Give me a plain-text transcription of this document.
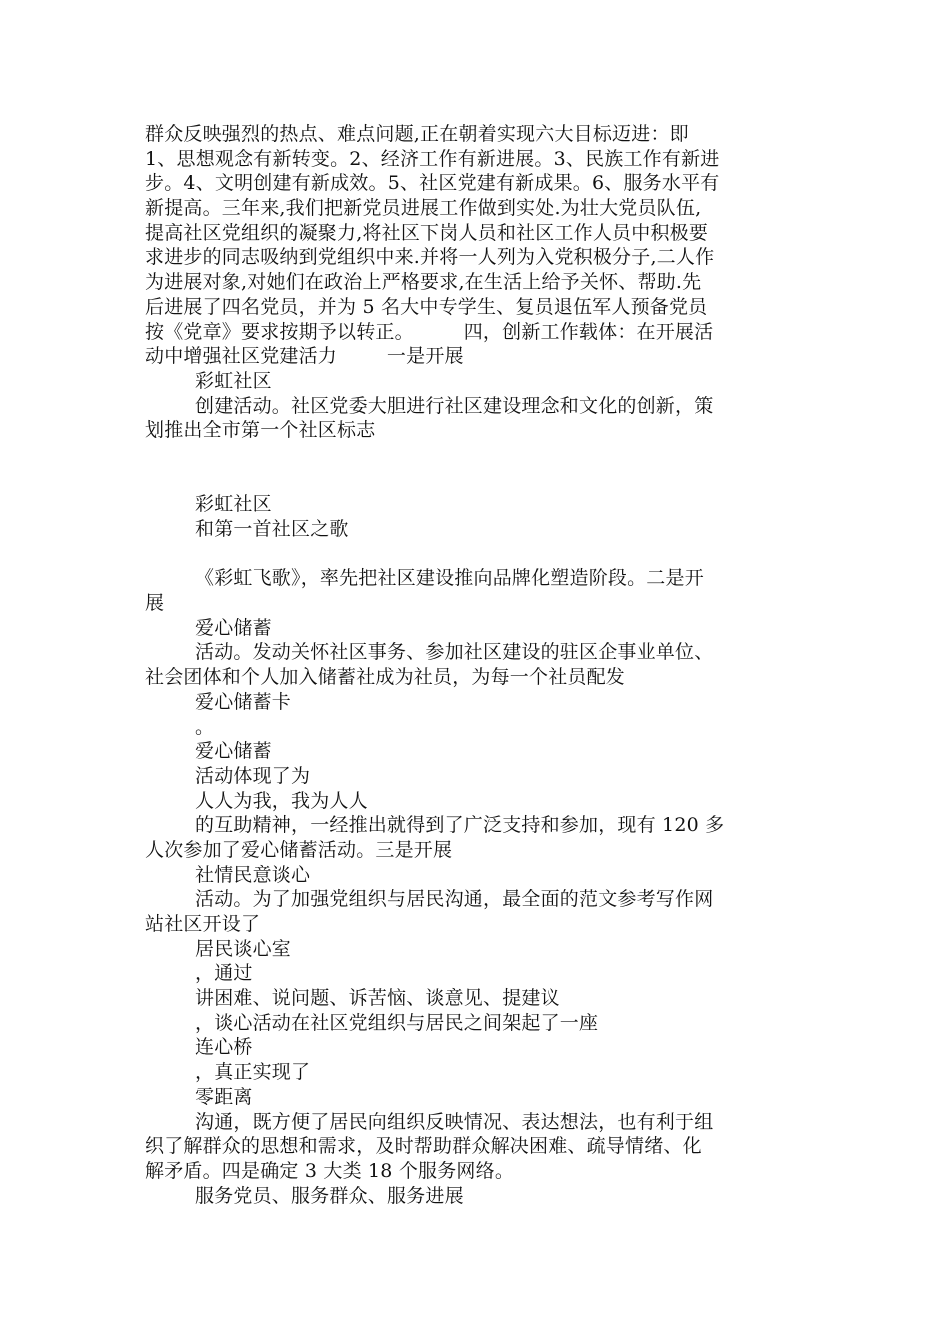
群众反映强烈的热点、难点问题,正在朝着实现六大目标迈进：即
1、思想观念有新转变。2、经济工作有新进展。3、民族工作有新进
步。4、文明创建有新成效。5、社区党建有新成果。6、服务水平有
新提高。三年来,我们把新党员进展工作做到实处.为壮大党员队伍,
提高社区党组织的凝聚力,将社区下岗人员和社区工作人员中积极要
求进步的同志吸纳到党组织中来.并将一人列为入党积极分子,二人作
为进展对象,对她们在政治上严格要求,在生活上给予关怀、帮助.先
后进展了四名党员，并为 5 名大中专学生、复员退伍军人预备党员
按《党章》要求按期予以转正。        四，创新工作载体：在开展活
动中增强社区党建活力        一是开展
彩虹社区
创建活动。社区党委大胆进行社区建设理念和文化的创新，策
划推出全市第一个社区标志
彩虹社区
和第一首社区之歌
《彩虹飞歌》，率先把社区建设推向品牌化塑造阶段。二是开
展
爱心储蓄
活动。发动关怀社区事务、参加社区建设的驻区企事业单位、
社会团体和个人加入储蓄社成为社员，为每一个社员配发
爱心储蓄卡
。
爱心储蓄
活动体现了为
人人为我，我为人人
的互助精神，一经推出就得到了广泛支持和参加，现有 120 多
人次参加了爱心储蓄活动。三是开展
社情民意谈心
活动。为了加强党组织与居民沟通，最全面的范文参考写作网
站社区开设了
居民谈心室
，通过
讲困难、说问题、诉苦恼、谈意见、提建议
，谈心活动在社区党组织与居民之间架起了一座
连心桥
，真正实现了
零距离
沟通，既方便了居民向组织反映情况、表达想法，也有利于组
织了解群众的思想和需求，及时帮助群众解决困难、疏导情绪、化
解矛盾。四是确定 3 大类 18 个服务网络。
服务党员、服务群众、服务进展
